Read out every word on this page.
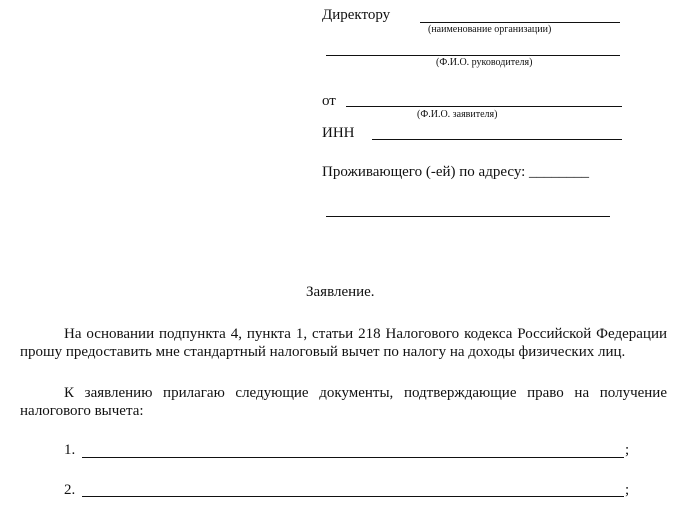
Директору
(наименование организации)
(Ф.И.О. руководителя)
от
(Ф.И.О. заявителя)
ИНН
Проживающего (-ей) по адресу: ________
Заявление.
На основании подпункта 4, пункта 1, статьи 218 Налогового кодекса Российской Федерации прошу предоставить мне стандартный налоговый вычет по налогу на доходы физических лиц.
К заявлению прилагаю следующие документы, подтверждающие право на получение налогового вычета:
1.	;
2.	;
